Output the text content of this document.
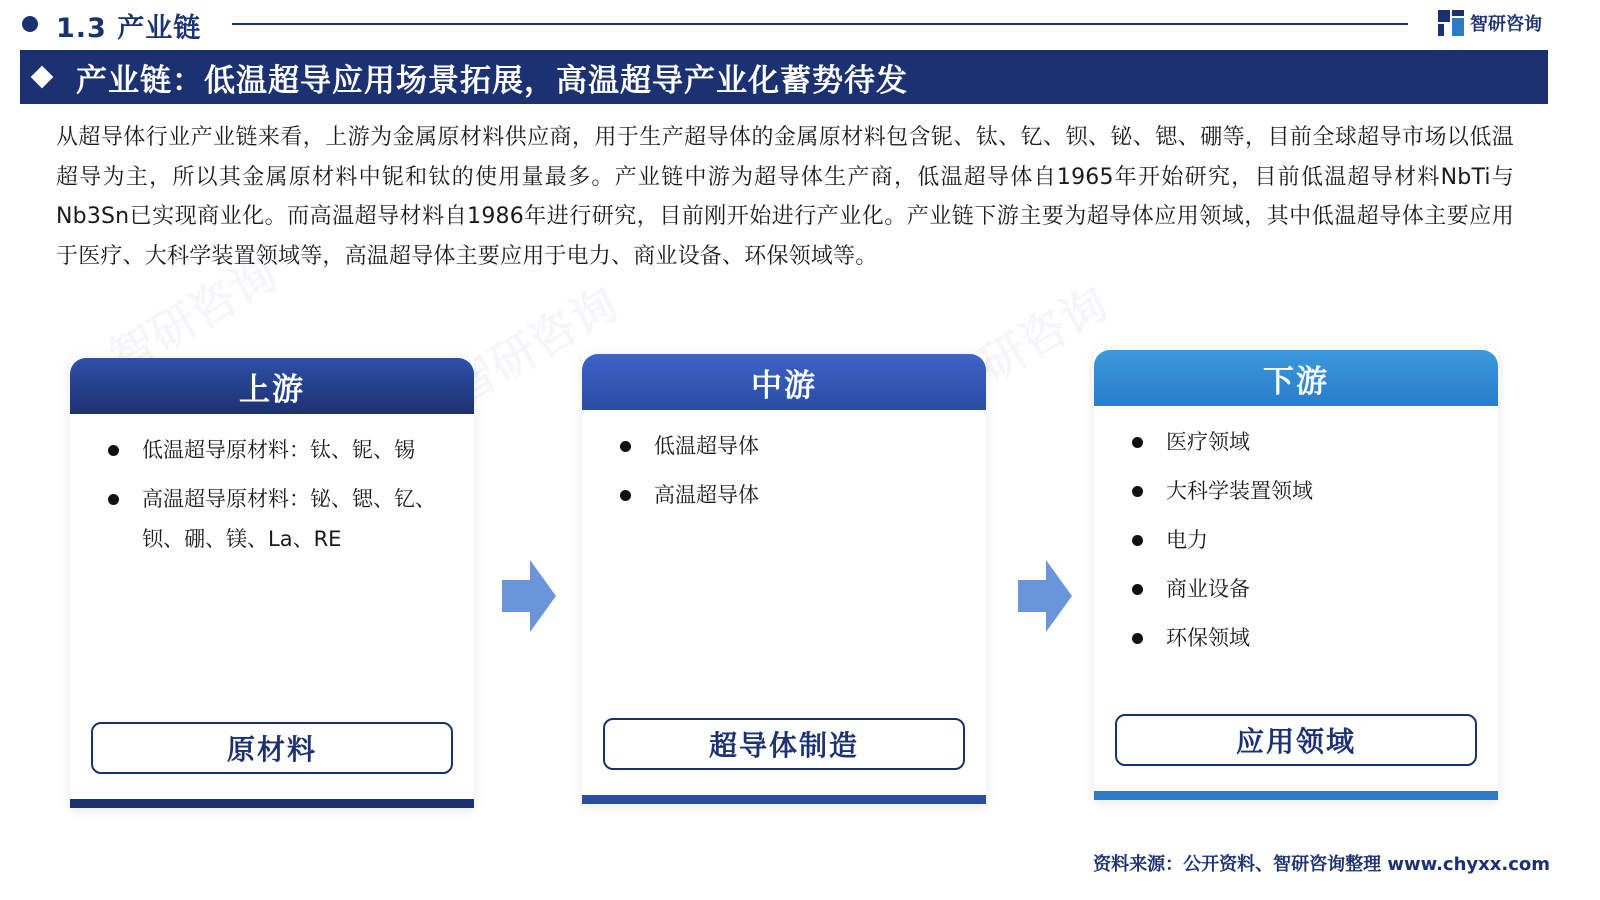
1.3 产业链	智研咨询
产业链：低温超导应用场景拓展，高温超导产业化蓄势待发
从超导体行业产业链来看，上游为金属原材料供应商，用于生产超导体的金属原材料包含铌、钛、钇、钡、铋、锶、硼等，目前全球超导市场以低温超导为主，所以其金属原材料中铌和钛的使用量最多。产业链中游为超导体生产商，低温超导体自1965年开始研究，目前低温超导材料NbTi与Nb3Sn已实现商业化。而高温超导材料自1986年进行研究，目前刚开始进行产业化。产业链下游主要为超导体应用领域，其中低温超导体主要应用于医疗、大科学装置领域等，高温超导体主要应用于电力、商业设备、环保领域等。
上游
低温超导原材料：钛、铌、锡
高温超导原材料：铋、锶、钇、钡、硼、镁、La、RE
原材料
中游
低温超导体
高温超导体
超导体制造
下游
医疗领域
大科学装置领域
电力
商业设备
环保领域
应用领域
资料来源：公开资料、智研咨询整理 www.chyxx.com
